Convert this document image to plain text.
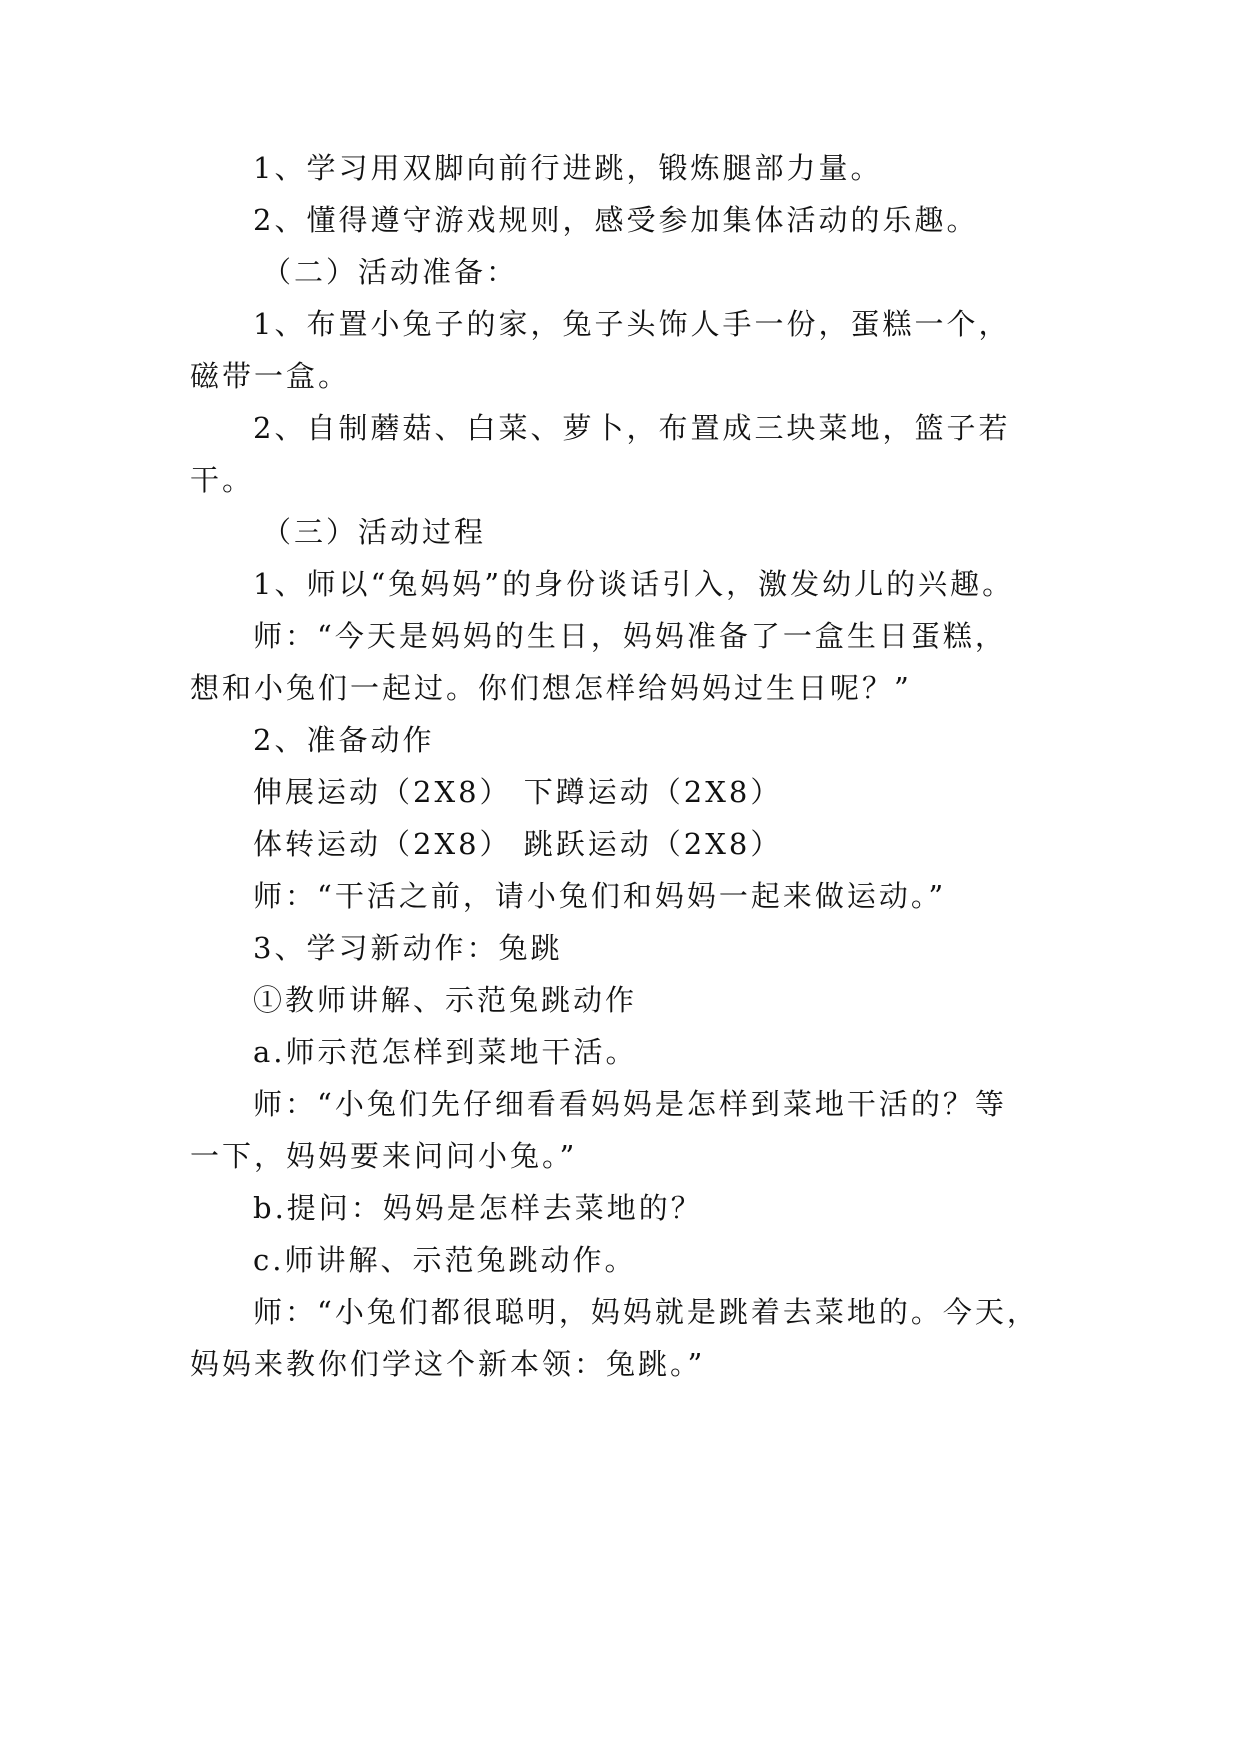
1、学习用双脚向前行进跳，锻炼腿部力量。

2、懂得遵守游戏规则，感受参加集体活动的乐趣。

（二）活动准备：

1、布置小兔子的家，兔子头饰人手一份，蛋糕一个，

磁带一盒。

2、自制蘑菇、白菜、萝卜，布置成三块菜地，篮子若

干。

（三）活动过程

1、师以“兔妈妈”的身份谈话引入，激发幼儿的兴趣。

师：“今天是妈妈的生日，妈妈准备了一盒生日蛋糕，

想和小兔们一起过。你们想怎样给妈妈过生日呢？”

2、准备动作

伸展运动（2X8） 下蹲运动（2X8）

体转运动（2X8） 跳跃运动（2X8）

师：“干活之前，请小兔们和妈妈一起来做运动。”

3、学习新动作：兔跳

①教师讲解、示范兔跳动作

a.师示范怎样到菜地干活。

师：“小兔们先仔细看看妈妈是怎样到菜地干活的？等

一下，妈妈要来问问小兔。”

b.提问：妈妈是怎样去菜地的？

c.师讲解、示范兔跳动作。

师：“小兔们都很聪明，妈妈就是跳着去菜地的。今天，

妈妈来教你们学这个新本领：兔跳。”
